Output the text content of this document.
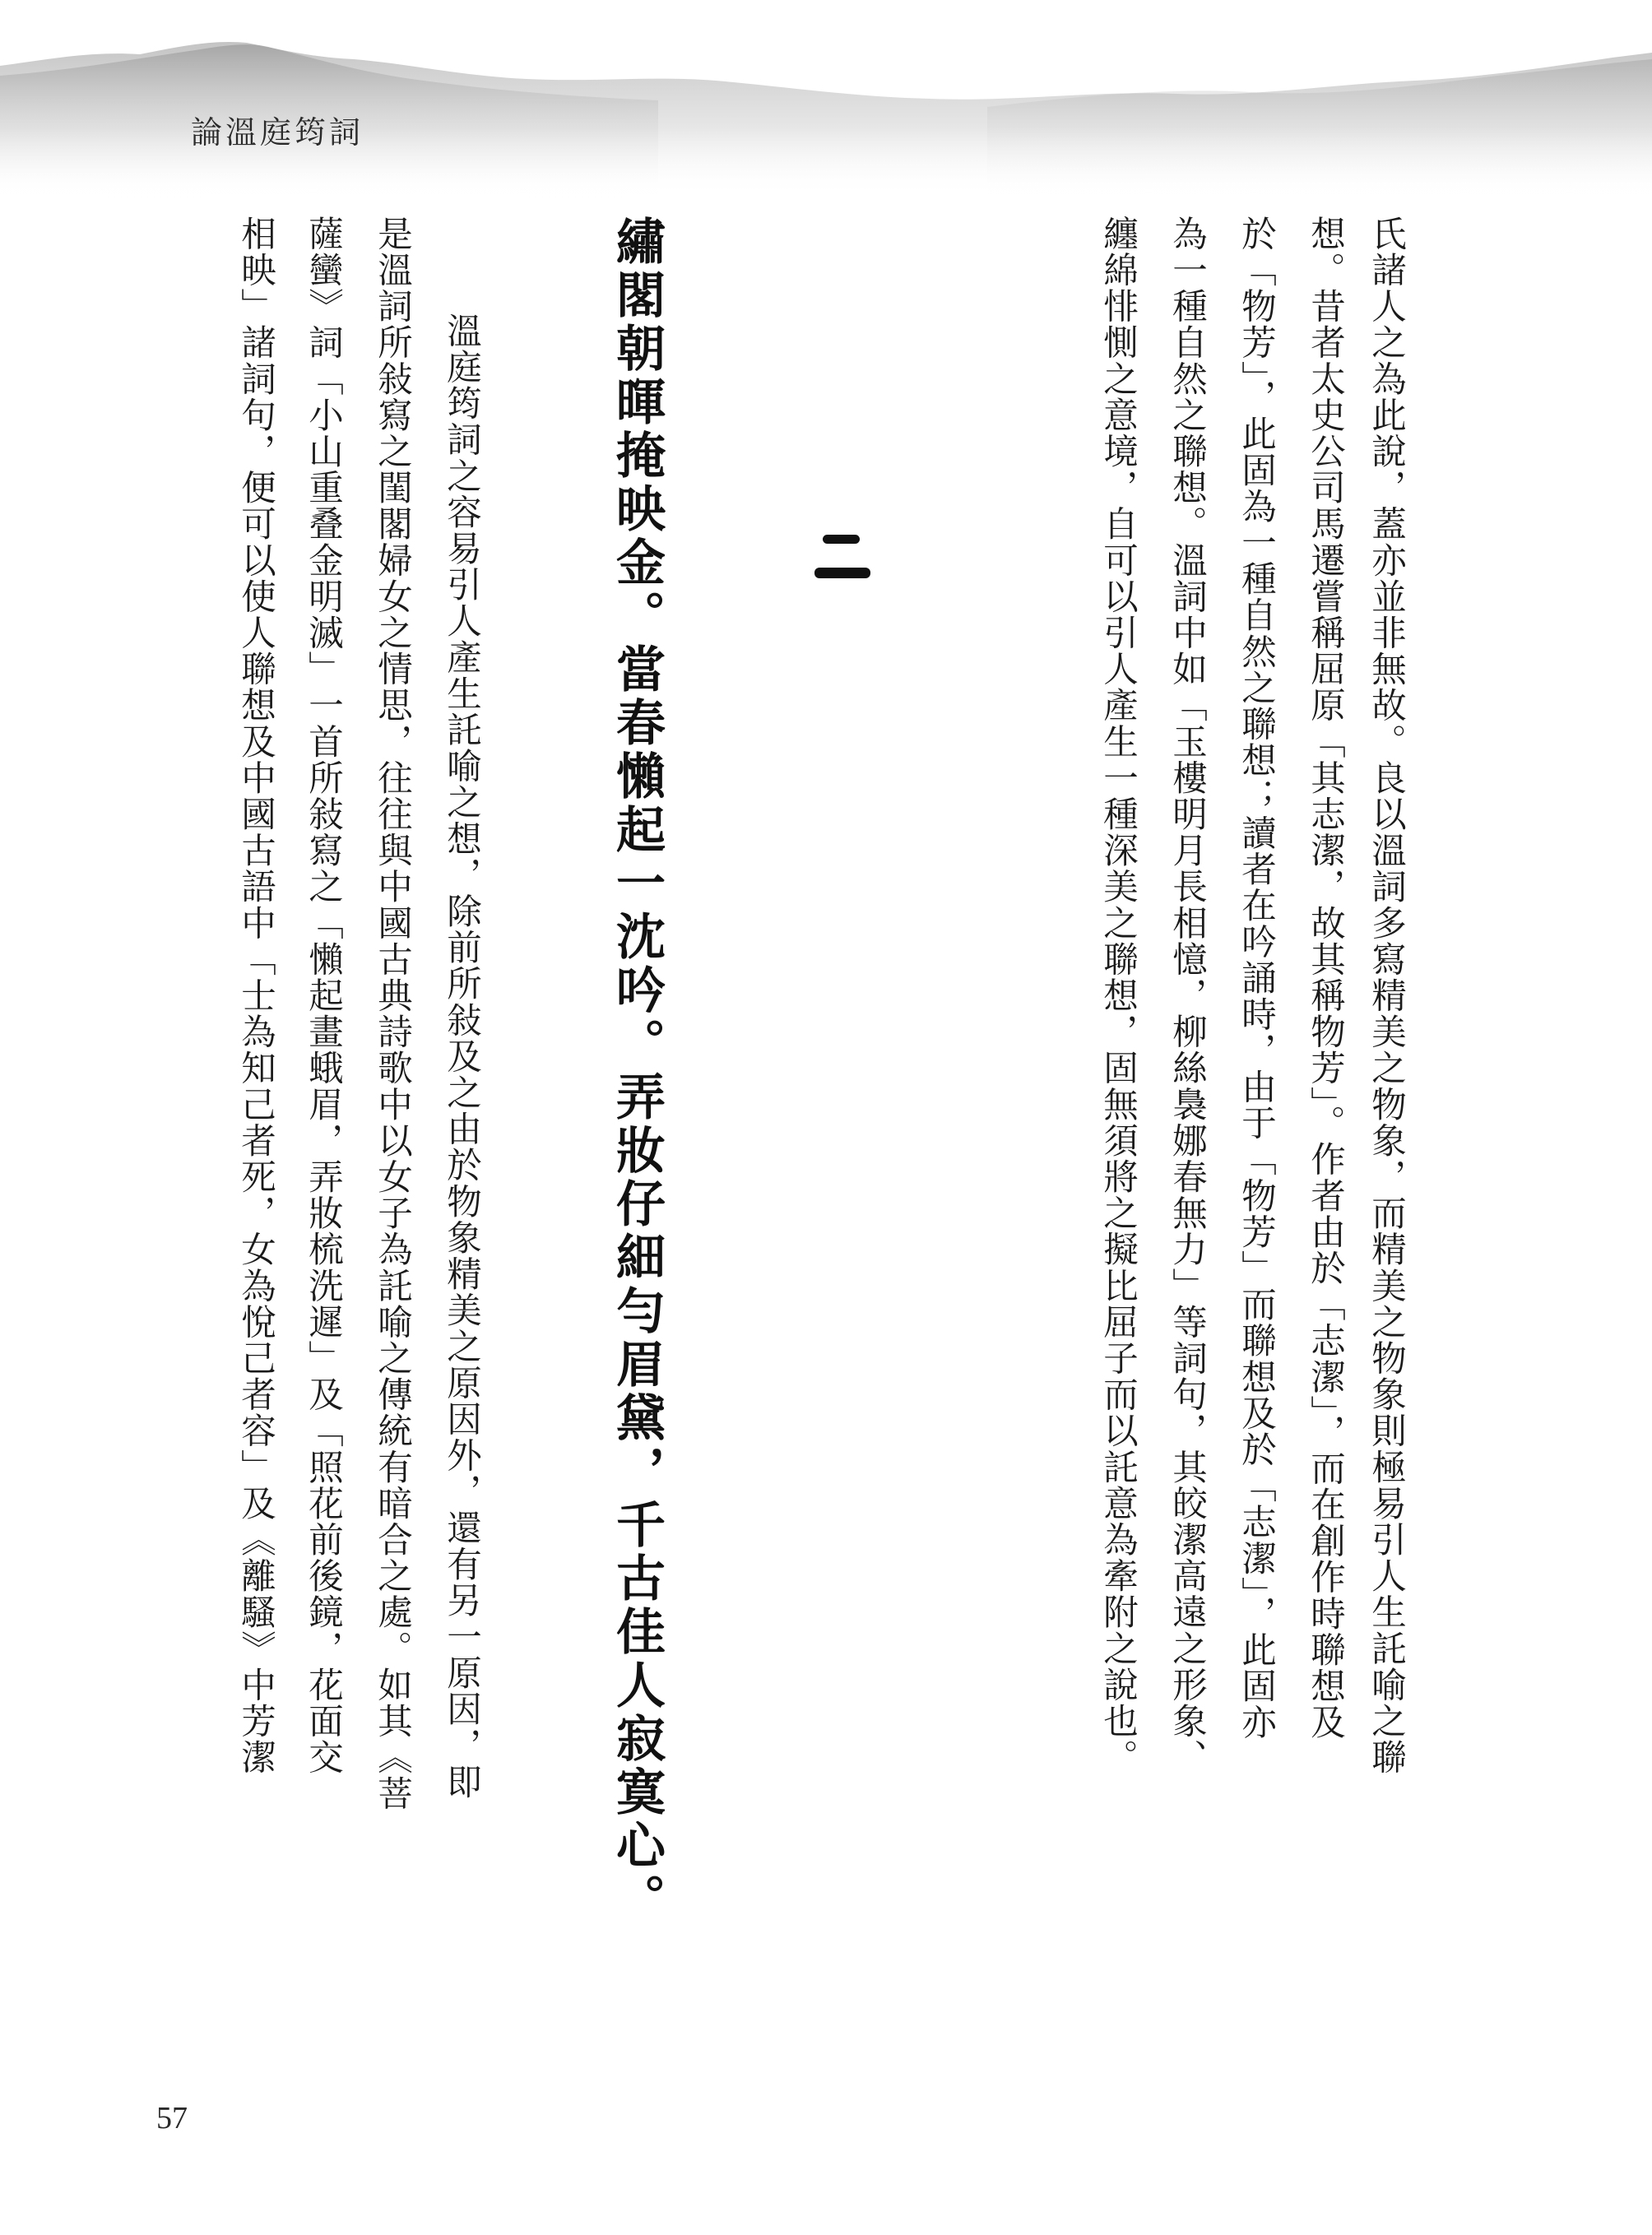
論溫庭筠詞
氏諸人之為此說，蓋亦並非無故。良以溫詞多寫精美之物象，而精美之物象則極易引人生託喻之聯
想。昔者太史公司馬遷嘗稱屈原「其志潔，故其稱物芳」。作者由於「志潔」，而在創作時聯想及
於「物芳」，此固為一種自然之聯想；讀者在吟誦時，由于「物芳」而聯想及於「志潔」，此固亦
為一種自然之聯想。溫詞中如「玉樓明月長相憶，柳絲裊娜春無力」等詞句，其皎潔高遠之形象、
纏綿悱惻之意境，自可以引人產生一種深美之聯想，固無須將之擬比屈子而以託意為牽附之說也。
繡閣朝暉掩映金。當春懶起一沈吟。弄妝仔細勻眉黛，千古佳人寂寞心。
溫庭筠詞之容易引人產生託喻之想，除前所敍及之由於物象精美之原因外，還有另一原因，即
是溫詞所敍寫之閨閣婦女之情思，往往與中國古典詩歌中以女子為託喻之傳統有暗合之處。如其《菩
薩蠻》詞「小山重叠金明滅」一首所敍寫之「懶起畫蛾眉，弄妝梳洗遲」及「照花前後鏡，花面交
相映」諸詞句，便可以使人聯想及中國古語中「士為知己者死，女為悅己者容」及《離騷》中芳潔
57
